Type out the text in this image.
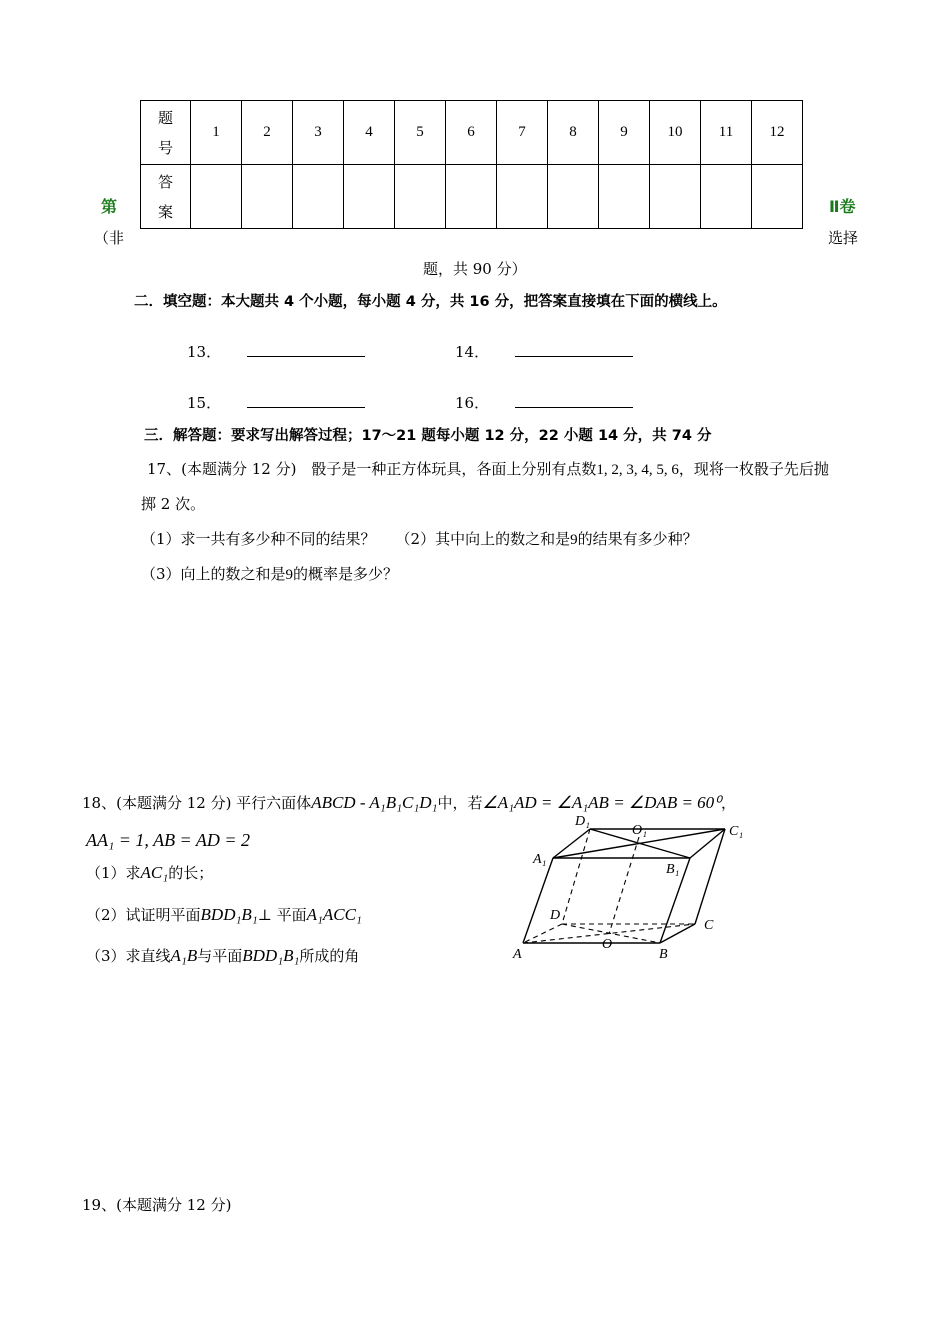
题号	1	2	3	4	5	6	7	8	9	10	11	12
答案												
第	Ⅱ卷
（非	选择
题，共 90 分）
二．填空题：本大题共 4 个小题，每小题 4 分，共 16 分，把答案直接填在下面的横线上。
13．	14．
15．	16．
三．解答题：要求写出解答过程；17～21 题每小题 12 分，22 小题 14 分，共 74 分
17、(本题满分 12 分)　骰子是一种正方体玩具，各面上分别有点数1, 2, 3, 4, 5, 6，现将一枚骰子先后抛
掷 2 次。
（1）求一共有多少种不同的结果？ （2）其中向上的数之和是9的结果有多少种？
（3）向上的数之和是9的概率是多少？
18、(本题满分 12 分) 平行六面体ABCD - A₁B₁C₁D₁中，若∠A₁AD = ∠A₁AB = ∠DAB = 60⁰，
AA₁ = 1, AB = AD = 2
（1）求AC₁的长；
（2）试证明平面BDD₁B₁⊥ 平面A₁ACC₁
（3）求直线A₁B与平面BDD₁B₁所成的角
D₁
O₁	C₁
A₁
B₁
D
C
A
O
B
19、(本题满分 12 分)
